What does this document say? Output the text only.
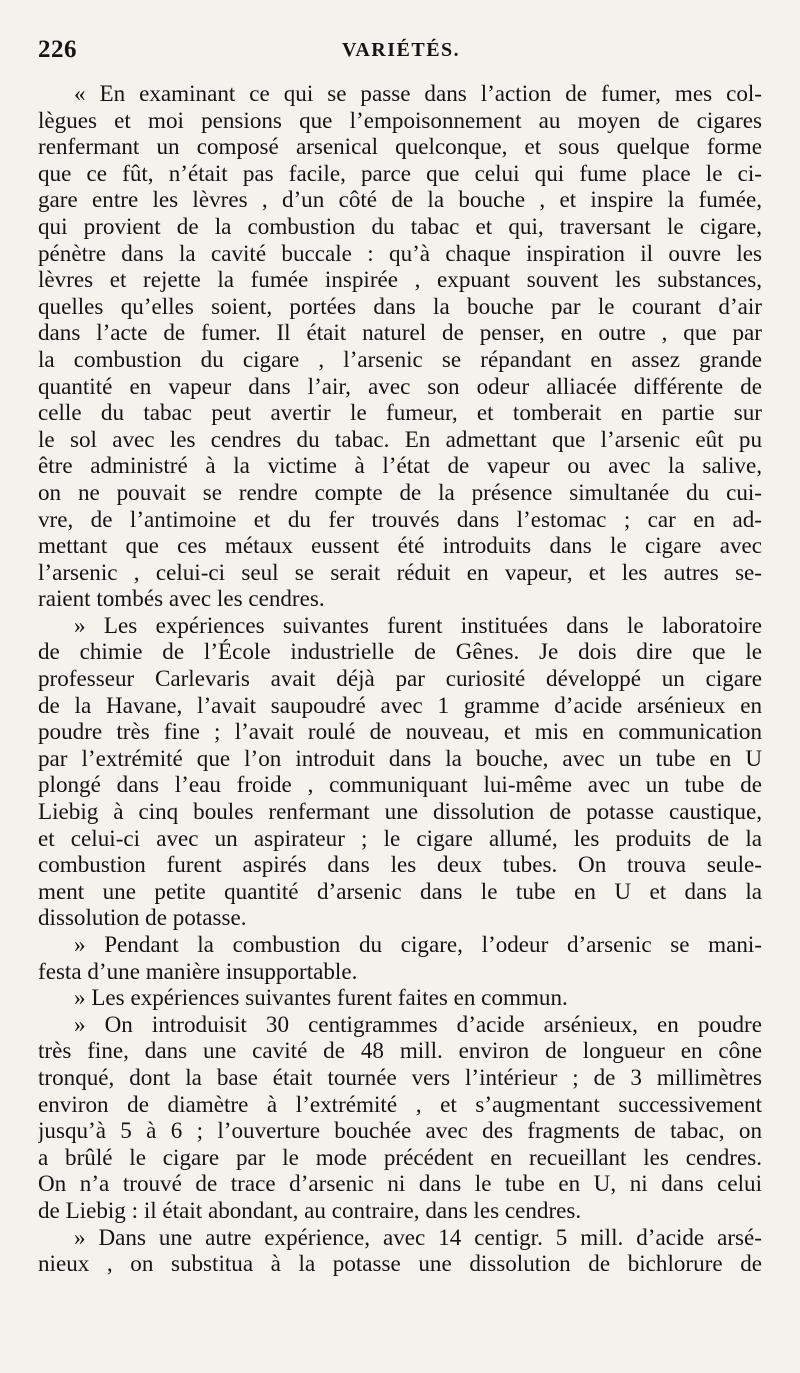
226	VARIÉTÉS.
« En examinant ce qui se passe dans l’action de fumer, mes col-
lègues et moi pensions que l’empoisonnement au moyen de cigares
renfermant un composé arsenical quelconque, et sous quelque forme
que ce fût, n’était pas facile, parce que celui qui fume place le ci-
gare entre les lèvres , d’un côté de la bouche , et inspire la fumée,
qui provient de la combustion du tabac et qui, traversant le cigare,
pénètre dans la cavité buccale : qu’à chaque inspiration il ouvre les
lèvres et rejette la fumée inspirée , expuant souvent les substances,
quelles qu’elles soient, portées dans la bouche par le courant d’air
dans l’acte de fumer. Il était naturel de penser, en outre , que par
la combustion du cigare , l’arsenic se répandant en assez grande
quantité en vapeur dans l’air, avec son odeur alliacée différente de
celle du tabac peut avertir le fumeur, et tomberait en partie sur
le sol avec les cendres du tabac. En admettant que l’arsenic eût pu
être administré à la victime à l’état de vapeur ou avec la salive,
on ne pouvait se rendre compte de la présence simultanée du cui-
vre, de l’antimoine et du fer trouvés dans l’estomac ; car en ad-
mettant que ces métaux eussent été introduits dans le cigare avec
l’arsenic , celui-ci seul se serait réduit en vapeur, et les autres se-
raient tombés avec les cendres.
» Les expériences suivantes furent instituées dans le laboratoire
de chimie de l’École industrielle de Gênes. Je dois dire que le
professeur Carlevaris avait déjà par curiosité développé un cigare
de la Havane, l’avait saupoudré avec 1 gramme d’acide arsénieux en
poudre très fine ; l’avait roulé de nouveau, et mis en communication
par l’extrémité que l’on introduit dans la bouche, avec un tube en U
plongé dans l’eau froide , communiquant lui-même avec un tube de
Liebig à cinq boules renfermant une dissolution de potasse caustique,
et celui-ci avec un aspirateur ; le cigare allumé, les produits de la
combustion furent aspirés dans les deux tubes. On trouva seule-
ment une petite quantité d’arsenic dans le tube en U et dans la
dissolution de potasse.
» Pendant la combustion du cigare, l’odeur d’arsenic se mani-
festa d’une manière insupportable.
» Les expériences suivantes furent faites en commun.
» On introduisit 30 centigrammes d’acide arsénieux, en poudre
très fine, dans une cavité de 48 mill. environ de longueur en cône
tronqué, dont la base était tournée vers l’intérieur ; de 3 millimètres
environ de diamètre à l’extrémité , et s’augmentant successivement
jusqu’à 5 à 6 ; l’ouverture bouchée avec des fragments de tabac, on
a brûlé le cigare par le mode précédent en recueillant les cendres.
On n’a trouvé de trace d’arsenic ni dans le tube en U, ni dans celui
de Liebig : il était abondant, au contraire, dans les cendres.
» Dans une autre expérience, avec 14 centigr. 5 mill. d’acide arsé-
nieux , on substitua à la potasse une dissolution de bichlorure de
